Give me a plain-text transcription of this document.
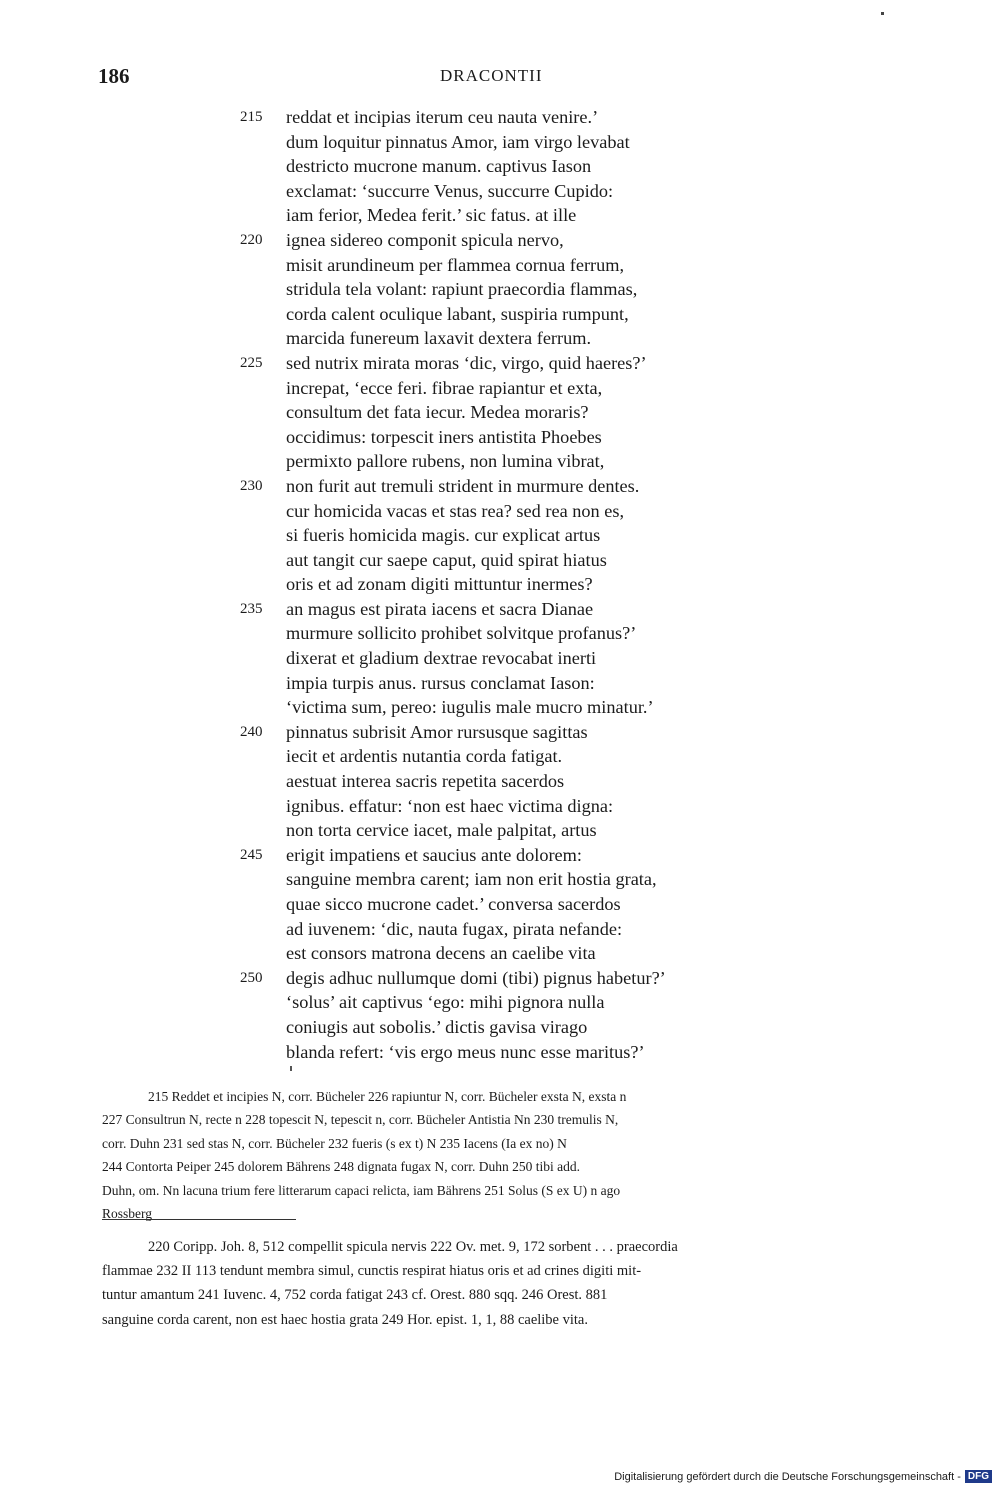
186	DRACONTII
215	reddat et incipias iterum ceu nauta venire.’
dum loquitur pinnatus Amor, iam virgo levabat
destricto mucrone manum. captivus Iason
exclamat: ‘succurre Venus, succurre Cupido:
iam ferior, Medea ferit.’ sic fatus. at ille
220	ignea sidereo componit spicula nervo,
misit arundineum per flammea cornua ferrum,
stridula tela volant: rapiunt praecordia flammas,
corda calent oculique labant, suspiria rumpunt,
marcida funereum laxavit dextera ferrum.
225	sed nutrix mirata moras ‘dic, virgo, quid haeres?’
increpat, ‘ecce feri. fibrae rapiantur et exta,
consultum det fata iecur. Medea moraris?
occidimus: torpescit iners antistita Phoebes
permixto pallore rubens, non lumina vibrat,
230	non furit aut tremuli strident in murmure dentes.
cur homicida vacas et stas rea? sed rea non es,
si fueris homicida magis. cur explicat artus
aut tangit cur saepe caput, quid spirat hiatus
oris et ad zonam digiti mittuntur inermes?
235	an magus est pirata iacens et sacra Dianae
murmure sollicito prohibet solvitque profanus?’
dixerat et gladium dextrae revocabat inerti
impia turpis anus. rursus conclamat Iason:
‘victima sum, pereo: iugulis male mucro minatur.’
240	pinnatus subrisit Amor rursusque sagittas
iecit et ardentis nutantia corda fatigat.
aestuat interea sacris repetita sacerdos
ignibus. effatur: ‘non est haec victima digna:
non torta cervice iacet, male palpitat, artus
245	erigit impatiens et saucius ante dolorem:
sanguine membra carent; iam non erit hostia grata,
quae sicco mucrone cadet.’ conversa sacerdos
ad iuvenem: ‘dic, nauta fugax, pirata nefande:
est consors matrona decens an caelibe vita
250	degis adhuc nullumque domi (tibi) pignus habetur?’
‘solus’ ait captivus ‘ego: mihi pignora nulla
coniugis aut sobolis.’ dictis gavisa virago
blanda refert: ‘vis ergo meus nunc esse maritus?’
215 Reddet et incipies N, corr. Bücheler 226 rapiuntur N, corr. Bücheler exsta N, exsta n
227 Consultrun N, recte n 228 topescit N, tepescit n, corr. Bücheler Antistia Nn 230 tremulis N,
corr. Duhn 231 sed stas N, corr. Bücheler 232 fueris (s ex t) N 235 Iacens (Ia ex no) N
244 Contorta Peiper 245 dolorem Bährens 248 dignata fugax N, corr. Duhn 250 tibi add.
Duhn, om. Nn lacuna trium fere litterarum capaci relicta, iam Bährens 251 Solus (S ex U) n ago
Rossberg
220 Coripp. Joh. 8, 512 compellit spicula nervis 222 Ov. met. 9, 172 sorbent . . . praecordia
flammae 232 II 113 tendunt membra simul, cunctis respirat hiatus oris et ad crines digiti mit-
tuntur amantum 241 Iuvenc. 4, 752 corda fatigat 243 cf. Orest. 880 sqq. 246 Orest. 881
sanguine corda carent, non est haec hostia grata 249 Hor. epist. 1, 1, 88 caelibe vita.
Digitalisierung gefördert durch die Deutsche Forschungsgemeinschaft - DFG
